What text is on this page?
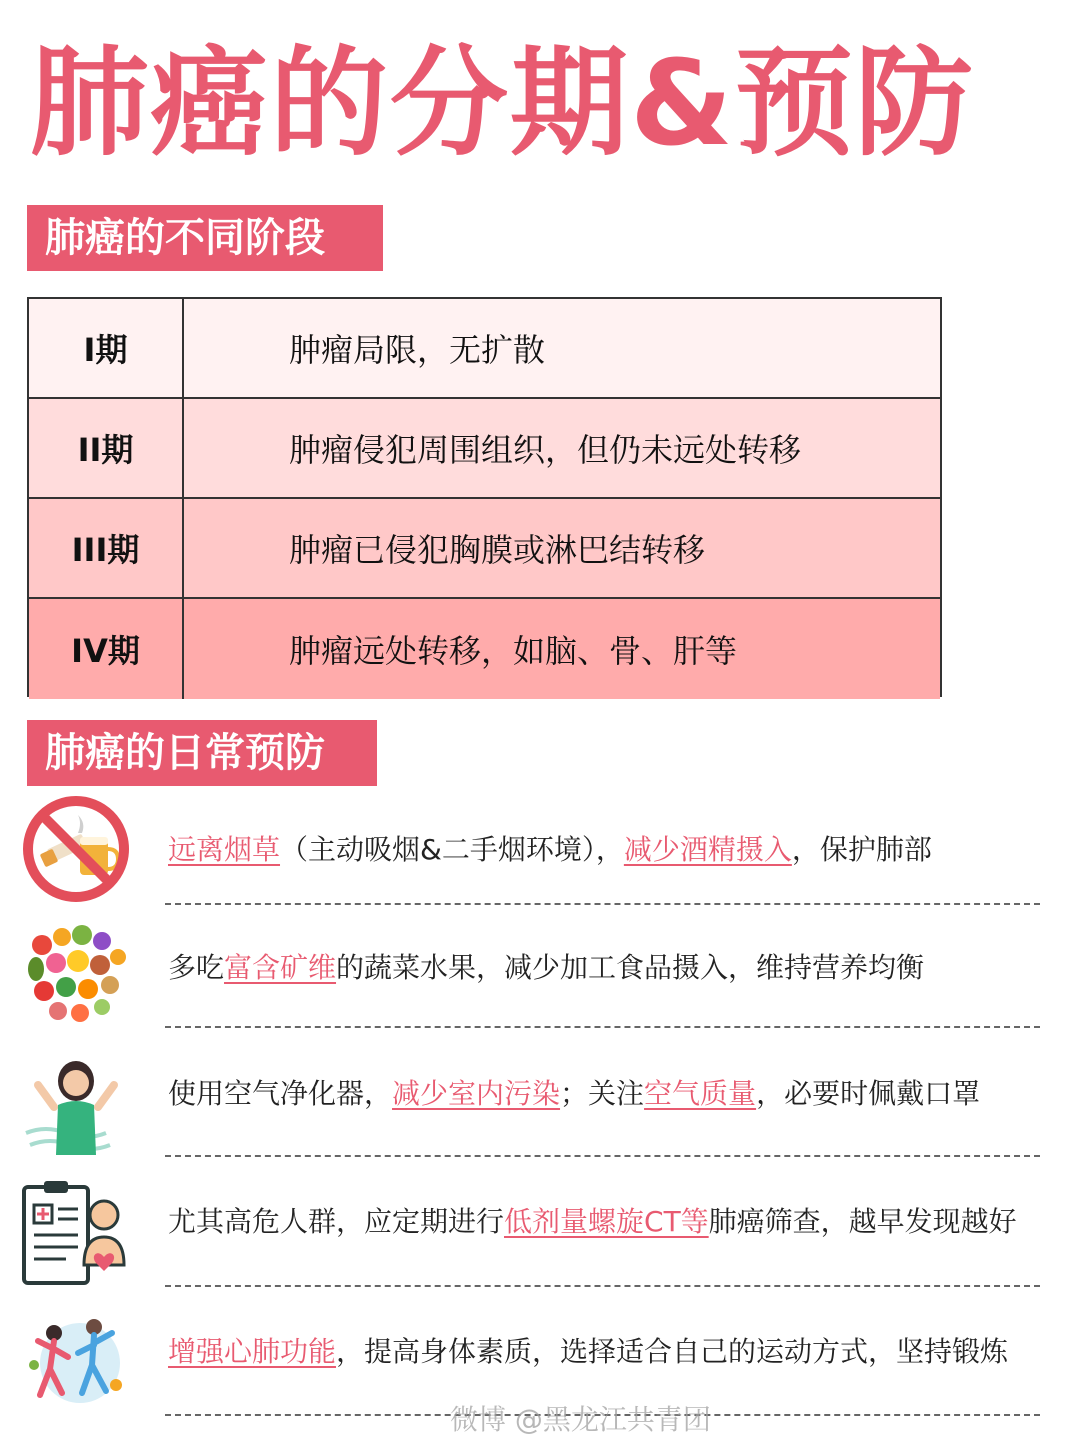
肺癌的分期&预防
肺癌的不同阶段
I期	肿瘤局限，无扩散
II期	肿瘤侵犯周围组织，但仍未远处转移
III期	肿瘤已侵犯胸膜或淋巴结转移
IV期	肿瘤远处转移，如脑、骨、肝等
肺癌的日常预防
远离烟草（主动吸烟&二手烟环境），减少酒精摄入，保护肺部
多吃富含矿维的蔬菜水果，减少加工食品摄入，维持营养均衡
使用空气净化器，减少室内污染；关注空气质量，必要时佩戴口罩
尤其高危人群，应定期进行低剂量螺旋CT等肺癌筛查，越早发现越好
增强心肺功能，提高身体素质，选择适合自己的运动方式，坚持锻炼
微博 @黑龙江共青团
